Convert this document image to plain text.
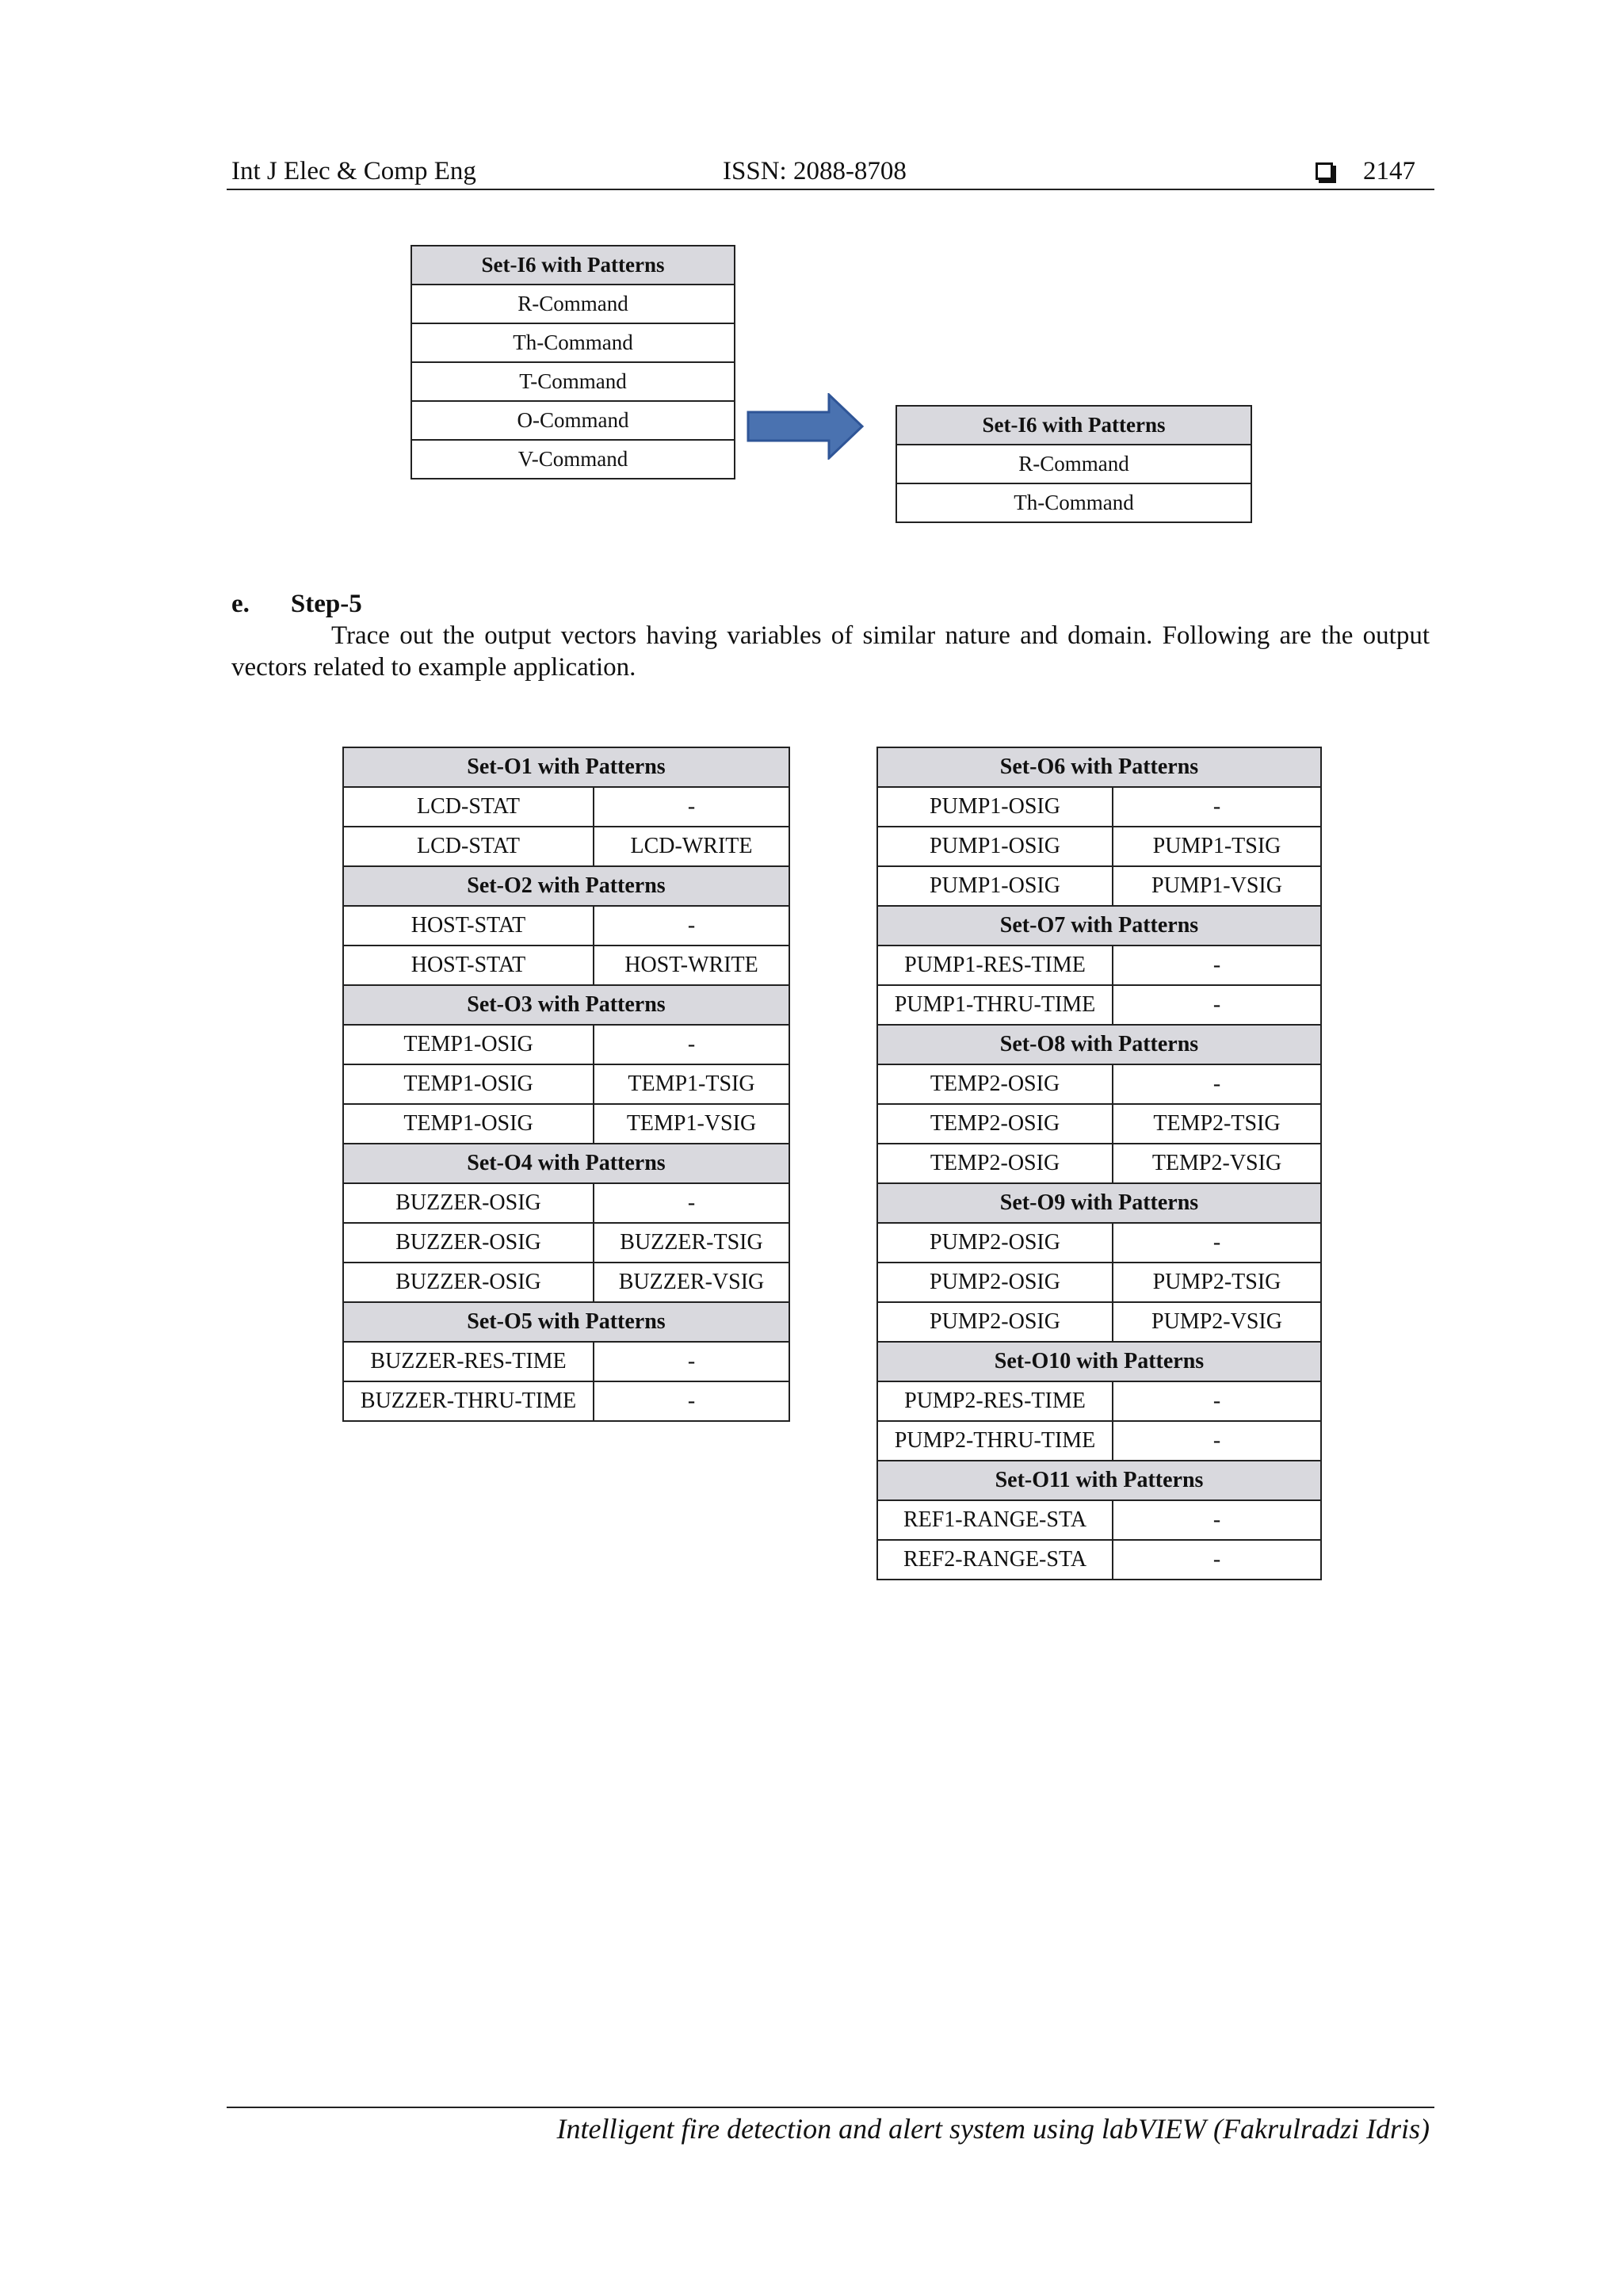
Int J Elec & Comp Eng	ISSN: 2088-8708	2147
Set-I6 with Patterns
R-Command
Th-Command
T-Command
O-Command
V-Command
Set-I6 with Patterns
R-Command
Th-Command
e. Step-5
Trace out the output vectors having variables of similar nature and domain. Following are the output vectors related to example application.
Set-O1 with Patterns	
LCD-STAT	-
LCD-STAT	LCD-WRITE
Set-O2 with Patterns	
HOST-STAT	-
HOST-STAT	HOST-WRITE
Set-O3 with Patterns	
TEMP1-OSIG	-
TEMP1-OSIG	TEMP1-TSIG
TEMP1-OSIG	TEMP1-VSIG
Set-O4 with Patterns	
BUZZER-OSIG	-
BUZZER-OSIG	BUZZER-TSIG
BUZZER-OSIG	BUZZER-VSIG
Set-O5 with Patterns	
BUZZER-RES-TIME	-
BUZZER-THRU-TIME	-
Set-O6 with Patterns	
PUMP1-OSIG	-
PUMP1-OSIG	PUMP1-TSIG
PUMP1-OSIG	PUMP1-VSIG
Set-O7 with Patterns	
PUMP1-RES-TIME	-
PUMP1-THRU-TIME	-
Set-O8 with Patterns	
TEMP2-OSIG	-
TEMP2-OSIG	TEMP2-TSIG
TEMP2-OSIG	TEMP2-VSIG
Set-O9 with Patterns	
PUMP2-OSIG	-
PUMP2-OSIG	PUMP2-TSIG
PUMP2-OSIG	PUMP2-VSIG
Set-O10 with Patterns	
PUMP2-RES-TIME	-
PUMP2-THRU-TIME	-
Set-O11 with Patterns	
REF1-RANGE-STA	-
REF2-RANGE-STA	-
Intelligent fire detection and alert system using labVIEW (Fakrulradzi Idris)
